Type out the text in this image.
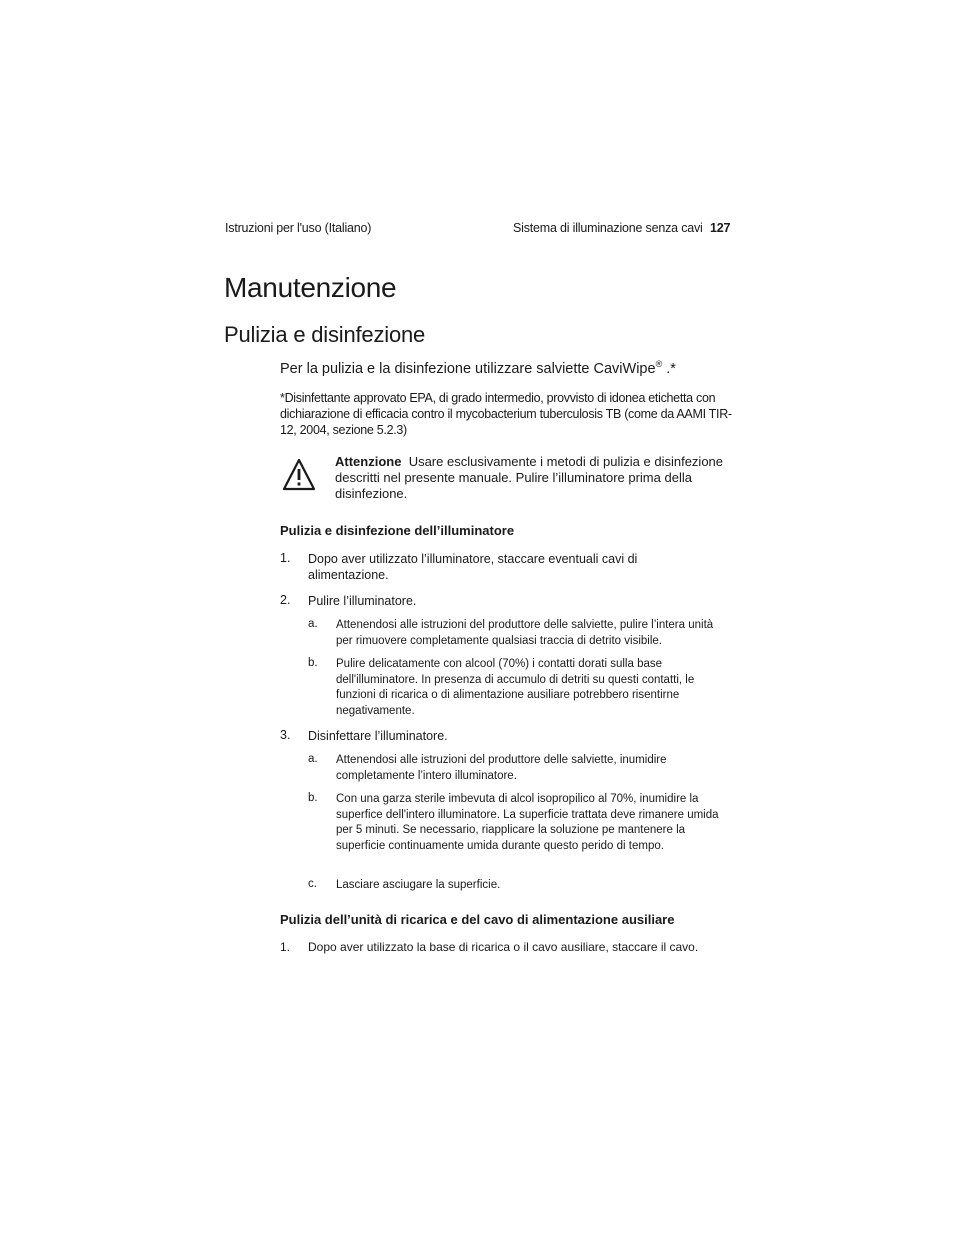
Istruzioni per l'uso (Italiano)	Sistema di illuminazione senza cavi 127
Manutenzione
Pulizia e disinfezione
Per la pulizia e la disinfezione utilizzare salviette CaviWipe® .*
*Disinfettante approvato EPA, di grado intermedio, provvisto di idonea etichetta con dichiarazione di efficacia contro il mycobacterium tuberculosis TB (come da AAMI TIR-12, 2004, sezione 5.2.3)
Attenzione Usare esclusivamente i metodi di pulizia e disinfezione descritti nel presente manuale. Pulire l’illuminatore prima della disinfezione.
Pulizia e disinfezione dell’illuminatore
1. Dopo aver utilizzato l’illuminatore, staccare eventuali cavi di alimentazione.
2. Pulire l’illuminatore.
a. Attenendosi alle istruzioni del produttore delle salviette, pulire l’intera unità per rimuovere completamente qualsiasi traccia di detrito visibile.
b. Pulire delicatamente con alcool (70%) i contatti dorati sulla base dell'illuminatore. In presenza di accumulo di detriti su questi contatti, le funzioni di ricarica o di alimentazione ausiliare potrebbero risentirne negativamente.
3. Disinfettare l’illuminatore.
a. Attenendosi alle istruzioni del produttore delle salviette, inumidire completamente l’intero illuminatore.
b. Con una garza sterile imbevuta di alcol isopropilico al 70%, inumidire la superfice dell'intero illuminatore. La superficie trattata deve rimanere umida per 5 minuti. Se necessario, riapplicare la soluzione pe mantenere la superficie continuamente umida durante questo perido di tempo.
c. Lasciare asciugare la superficie.
Pulizia dell’unità di ricarica e del cavo di alimentazione ausiliare
1. Dopo aver utilizzato la base di ricarica o il cavo ausiliare, staccare il cavo.
